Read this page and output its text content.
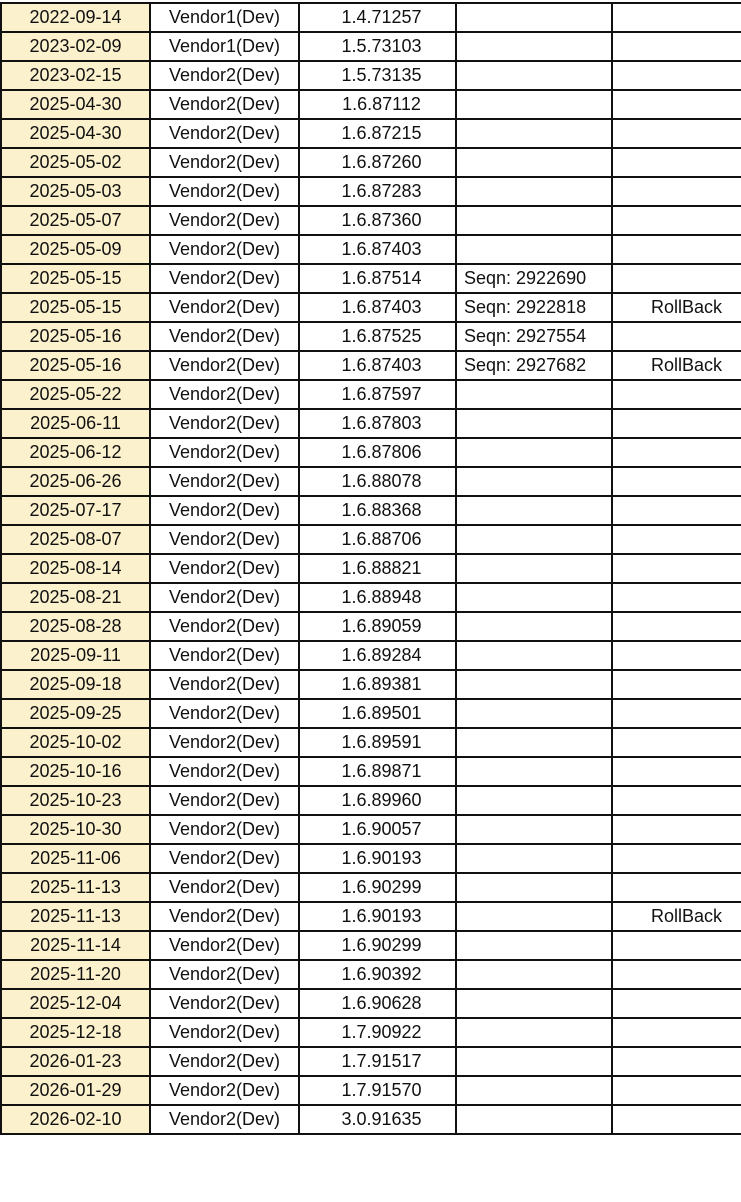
2022-09-14	Vendor1(Dev)	1.4.71257		
2023-02-09	Vendor1(Dev)	1.5.73103		
2023-02-15	Vendor2(Dev)	1.5.73135		
2025-04-30	Vendor2(Dev)	1.6.87112		
2025-04-30	Vendor2(Dev)	1.6.87215		
2025-05-02	Vendor2(Dev)	1.6.87260		
2025-05-03	Vendor2(Dev)	1.6.87283		
2025-05-07	Vendor2(Dev)	1.6.87360		
2025-05-09	Vendor2(Dev)	1.6.87403		
2025-05-15	Vendor2(Dev)	1.6.87514	Seqn: 2922690	
2025-05-15	Vendor2(Dev)	1.6.87403	Seqn: 2922818	RollBack
2025-05-16	Vendor2(Dev)	1.6.87525	Seqn: 2927554	
2025-05-16	Vendor2(Dev)	1.6.87403	Seqn: 2927682	RollBack
2025-05-22	Vendor2(Dev)	1.6.87597		
2025-06-11	Vendor2(Dev)	1.6.87803		
2025-06-12	Vendor2(Dev)	1.6.87806		
2025-06-26	Vendor2(Dev)	1.6.88078		
2025-07-17	Vendor2(Dev)	1.6.88368		
2025-08-07	Vendor2(Dev)	1.6.88706		
2025-08-14	Vendor2(Dev)	1.6.88821		
2025-08-21	Vendor2(Dev)	1.6.88948		
2025-08-28	Vendor2(Dev)	1.6.89059		
2025-09-11	Vendor2(Dev)	1.6.89284		
2025-09-18	Vendor2(Dev)	1.6.89381		
2025-09-25	Vendor2(Dev)	1.6.89501		
2025-10-02	Vendor2(Dev)	1.6.89591		
2025-10-16	Vendor2(Dev)	1.6.89871		
2025-10-23	Vendor2(Dev)	1.6.89960		
2025-10-30	Vendor2(Dev)	1.6.90057		
2025-11-06	Vendor2(Dev)	1.6.90193		
2025-11-13	Vendor2(Dev)	1.6.90299		
2025-11-13	Vendor2(Dev)	1.6.90193		RollBack
2025-11-14	Vendor2(Dev)	1.6.90299		
2025-11-20	Vendor2(Dev)	1.6.90392		
2025-12-04	Vendor2(Dev)	1.6.90628		
2025-12-18	Vendor2(Dev)	1.7.90922		
2026-01-23	Vendor2(Dev)	1.7.91517		
2026-01-29	Vendor2(Dev)	1.7.91570		
2026-02-10	Vendor2(Dev)	3.0.91635		
